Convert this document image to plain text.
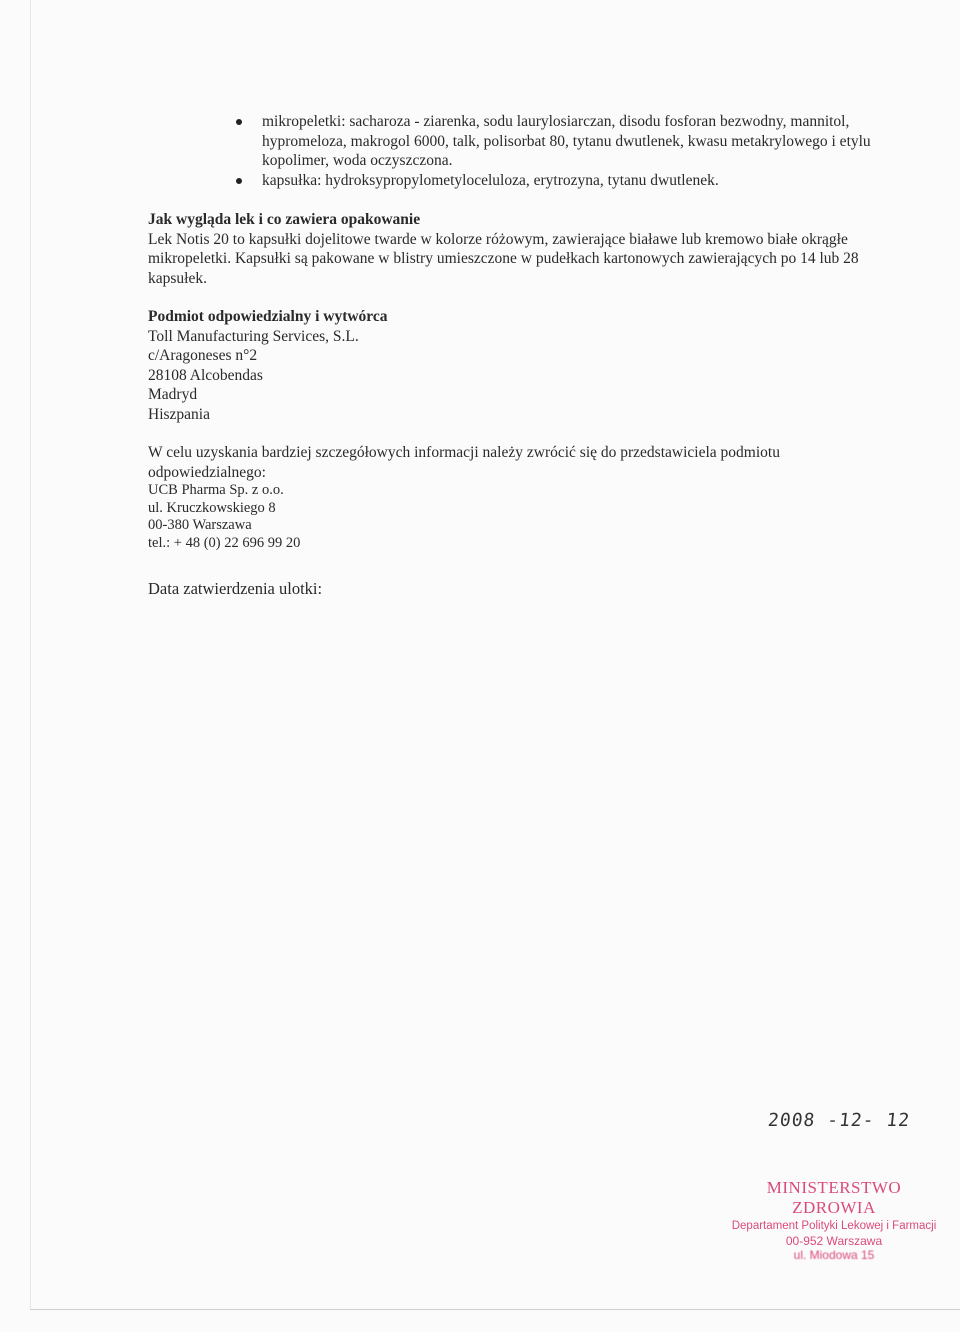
mikropeletki: sacharoza - ziarenka, sodu laurylosiarczan, disodu fosforan bezwodny, mannitol, hypromeloza, makrogol 6000, talk, polisorbat 80, tytanu dwutlenek, kwasu metakrylowego i etylu kopolimer, woda oczyszczona.
kapsułka: hydroksypropylometyloceluloza, erytrozyna, tytanu dwutlenek.

Jak wygląda lek i co zawiera opakowanie

Lek Notis 20 to kapsułki dojelitowe twarde w kolorze różowym, zawierające białawe lub kremowo białe okrągłe mikropeletki. Kapsułki są pakowane w blistry umieszczone w pudełkach kartonowych zawierających po 14 lub 28 kapsułek.

Podmiot odpowiedzialny i wytwórca

Toll Manufacturing Services, S.L.

c/Aragoneses n°2

28108 Alcobendas

Madryd

Hiszpania

W celu uzyskania bardziej szczegółowych informacji należy zwrócić się do przedstawiciela podmiotu odpowiedzialnego:

UCB Pharma Sp. z o.o.

ul. Kruczkowskiego 8

00-380 Warszawa

tel.: + 48 (0) 22 696 99 20

Data zatwierdzenia ulotki:

2008 -12- 12
MINISTERSTWO ZDROWIA
Departament Polityki Lekowej i Farmacji
00-952 Warszawa
ul. Miodowa 15
